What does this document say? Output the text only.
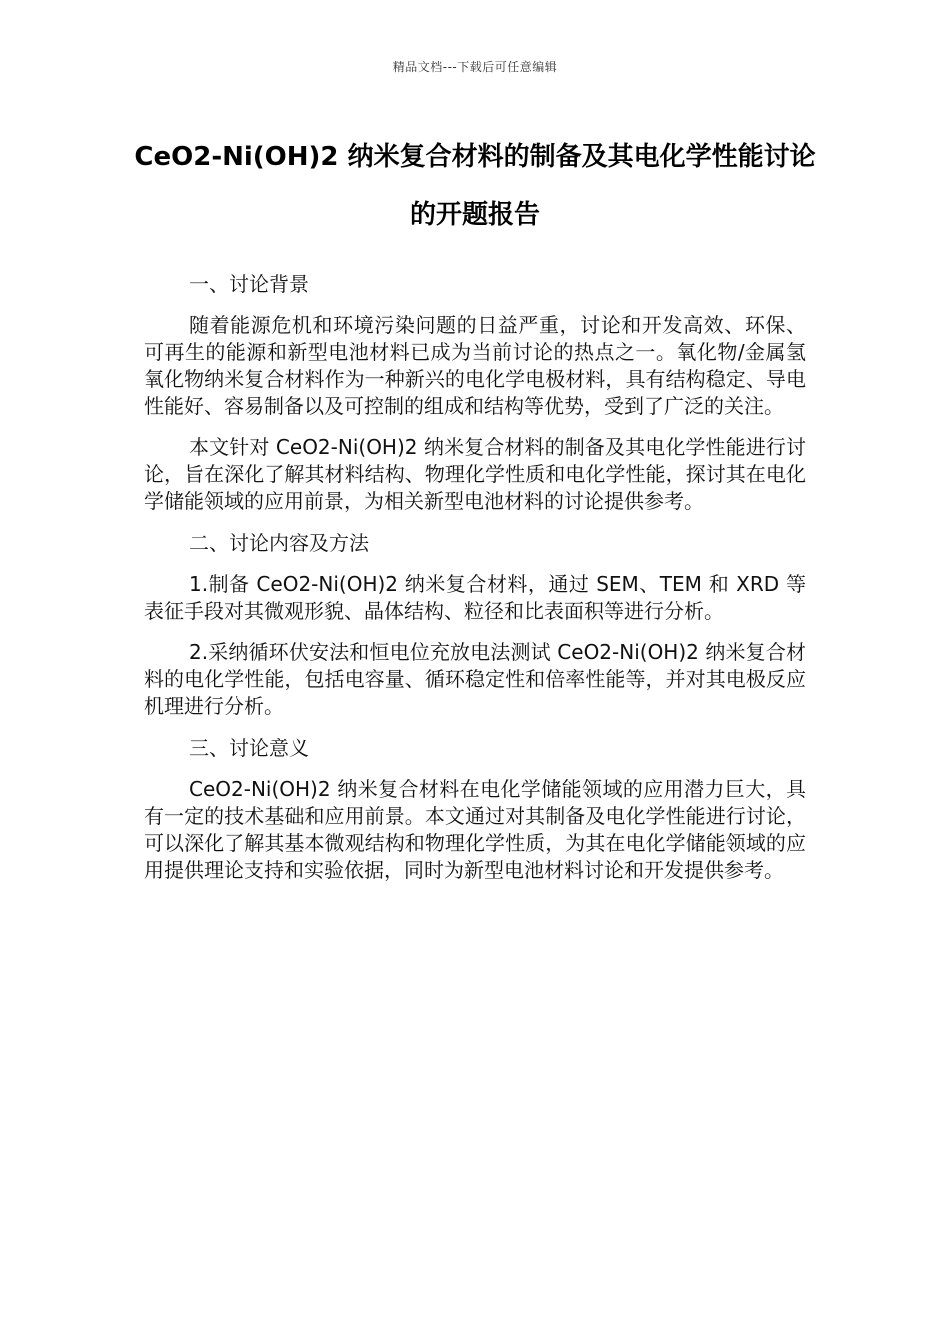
精品文档---下载后可任意编辑
CeO2-Ni(OH)2 纳米复合材料的制备及其电化学性能讨论的开题报告

一、讨论背景

随着能源危机和环境污染问题的日益严重，讨论和开发高效、环保、可再生的能源和新型电池材料已成为当前讨论的热点之一。氧化物/金属氢氧化物纳米复合材料作为一种新兴的电化学电极材料，具有结构稳定、导电性能好、容易制备以及可控制的组成和结构等优势，受到了广泛的关注。

本文针对 CeO2-Ni(OH)2 纳米复合材料的制备及其电化学性能进行讨论，旨在深化了解其材料结构、物理化学性质和电化学性能，探讨其在电化学储能领域的应用前景，为相关新型电池材料的讨论提供参考。

二、讨论内容及方法

1.制备 CeO2-Ni(OH)2 纳米复合材料，通过 SEM、TEM 和 XRD 等表征手段对其微观形貌、晶体结构、粒径和比表面积等进行分析。

2.采纳循环伏安法和恒电位充放电法测试 CeO2-Ni(OH)2 纳米复合材料的电化学性能，包括电容量、循环稳定性和倍率性能等，并对其电极反应机理进行分析。

三、讨论意义

CeO2-Ni(OH)2 纳米复合材料在电化学储能领域的应用潜力巨大，具有一定的技术基础和应用前景。本文通过对其制备及电化学性能进行讨论，可以深化了解其基本微观结构和物理化学性质，为其在电化学储能领域的应用提供理论支持和实验依据，同时为新型电池材料讨论和开发提供参考。
